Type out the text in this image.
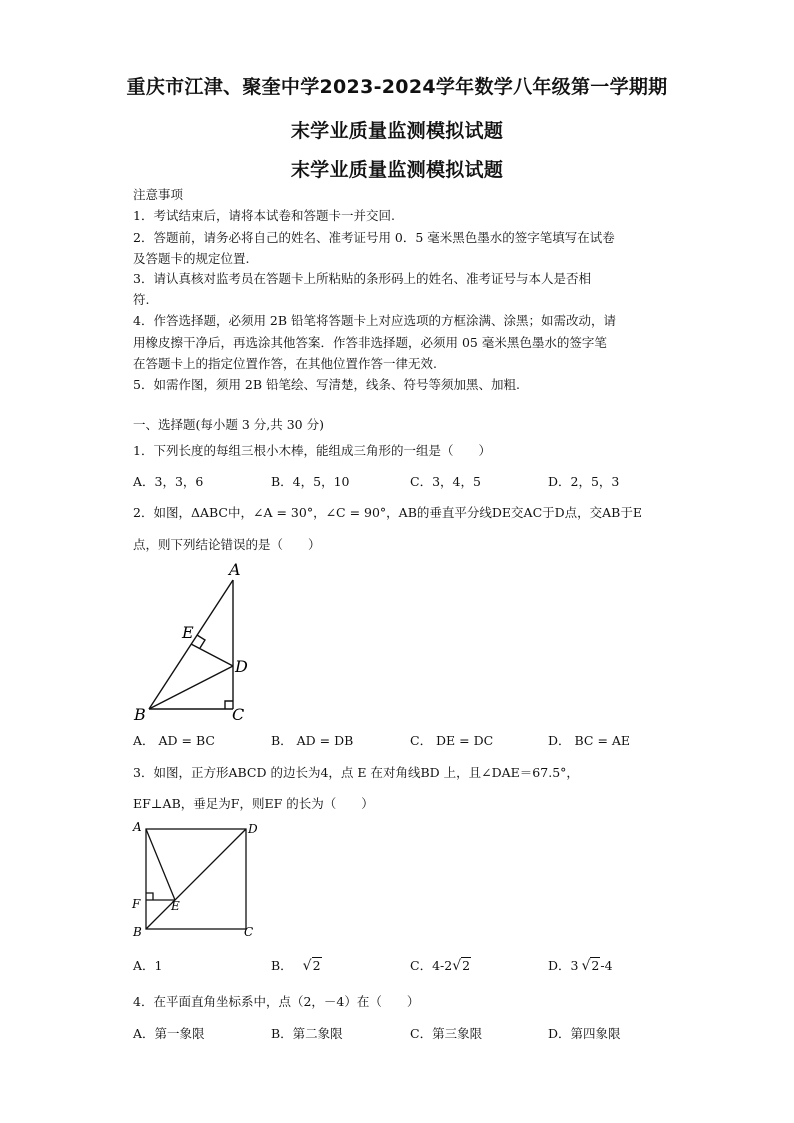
重庆市江津、聚奎中学2023-2024学年数学八年级第一学期期
末学业质量监测模拟试题
末学业质量监测模拟试题
注意事项
1．考试结束后，请将本试卷和答题卡一并交回.
2．答题前，请务必将自己的姓名、准考证号用 0．5 毫米黑色墨水的签字笔填写在试卷
及答题卡的规定位置.
3．请认真核对监考员在答题卡上所粘贴的条形码上的姓名、准考证号与本人是否相
符.
4．作答选择题，必须用 2B 铅笔将答题卡上对应选项的方框涂满、涂黑；如需改动，请
用橡皮擦干净后，再选涂其他答案．作答非选择题，必须用 05 毫米黑色墨水的签字笔
在答题卡上的指定位置作答，在其他位置作答一律无效.
5．如需作图，须用 2B 铅笔绘、写清楚，线条、符号等须加黑、加粗.
一、选择题(每小题 3 分,共 30 分)
1．下列长度的每组三根小木棒，能组成三角形的一组是（　　）
A．3，3，6	B．4，5，10	C．3，4，5	D．2，5，3
2．如图，ΔABC中，∠A = 30°，∠C = 90°，AB的垂直平分线DE交AC于D点，交AB于E
点，则下列结论错误的是（　　）
A
B	C
D
E
A． AD = BC	B． AD = DB	C． DE = DC	D． BC = AE
3．如图，正方形ABCD 的边长为4，点 E 在对角线BD 上，且∠DAE＝67.5°，
EF⊥AB，垂足为F，则EF 的长为（　　）
A	D
F	E
B	C
A．1	B． √2	C．4-2√2	D．3 √2-4
4．在平面直角坐标系中，点（2，－4）在（　　）
A．第一象限	B．第二象限	C．第三象限	D．第四象限
